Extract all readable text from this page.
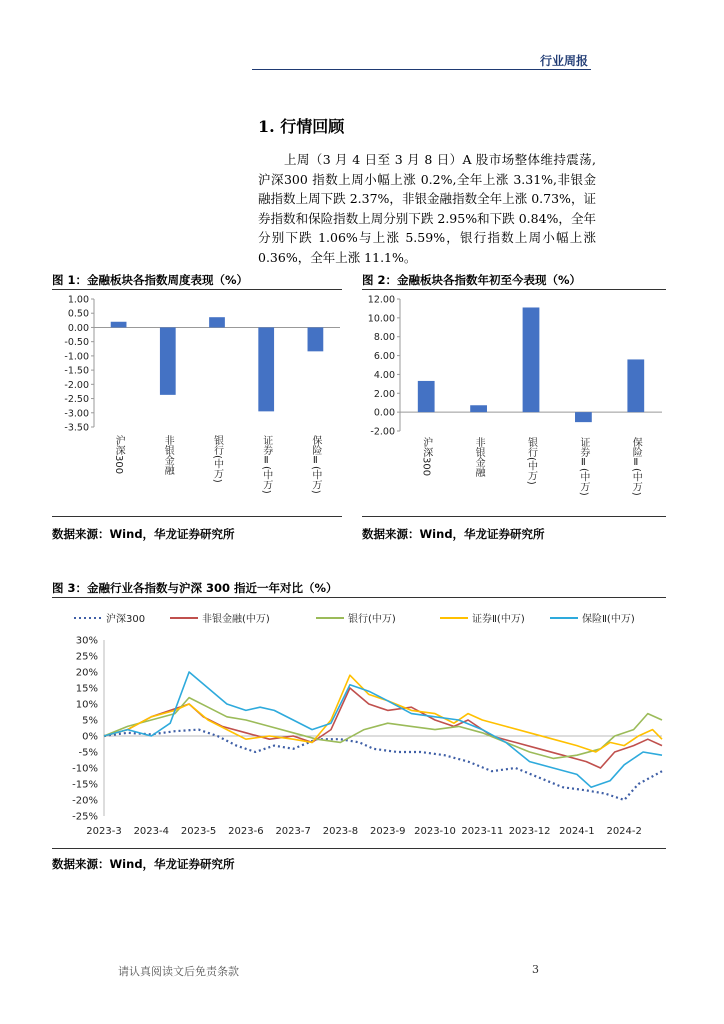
行业周报
1. 行情回顾
上周（3 月 4 日至 3 月 8 日）A 股市场整体维持震荡,沪深300 指数上周小幅上涨 0.2%,全年上涨 3.31%,非银金融指数上周下跌 2.37%，非银金融指数全年上涨 0.73%，证券指数和保险指数上周分别下跌 2.95%和下跌 0.84%，全年分别下跌 1.06%与上涨 5.59%，银行指数上周小幅上涨 0.36%，全年上涨 11.1%。
图 1：金融板块各指数周度表现（%）
1.00
0.50
0.00
-0.50
-1.00
-1.50
-2.00
-2.50
-3.00
-3.50
沪深300	非银金融	银行(中万)	证券Ⅱ(中万)	保险Ⅱ(中万)
数据来源：Wind，华龙证券研究所
图 2：金融板块各指数年初至今表现（%）
12.00
10.00
8.00
6.00
4.00
2.00
0.00
-2.00
沪深300	非银金融	银行(中万)	证券Ⅱ(中万)	保险Ⅱ(中万)
数据来源：Wind，华龙证券研究所
图 3：金融行业各指数与沪深 300 指近一年对比（%）
沪深300	非银金融(中万)	银行(中万)	证券Ⅱ(中万)	保险Ⅱ(中万)
30%
25%
20%
15%
10%
5%
0%
-5%
-10%
-15%
-20%
-25%
2023-3 2023-4 2023-5 2023-6 2023-7 2023-8 2023-9 2023-10 2023-11 2023-12 2024-1 2024-2
数据来源：Wind，华龙证券研究所
请认真阅读文后免责条款	3
